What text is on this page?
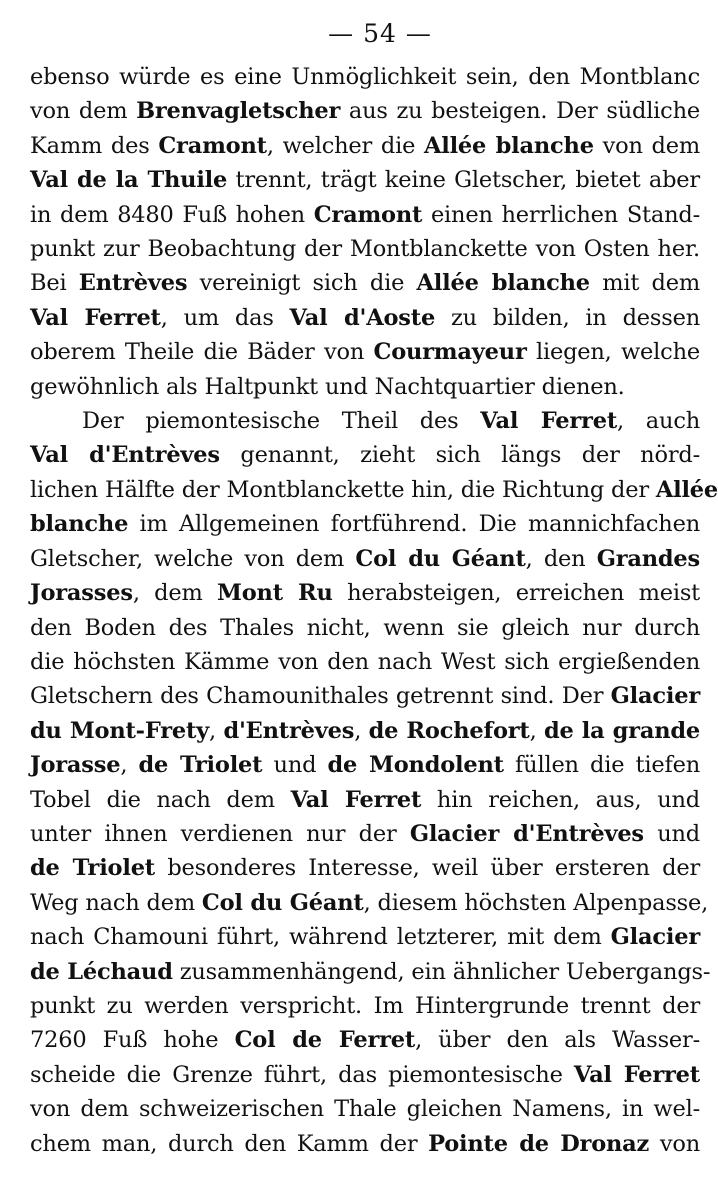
— 54 —
ebenso würde es eine Unmöglichkeit sein, den Montblanc
von dem Brenvagletscher aus zu besteigen. Der südliche
Kamm des Cramont, welcher die Allée blanche von dem
Val de la Thuile trennt, trägt keine Gletscher, bietet aber
in dem 8480 Fuß hohen Cramont einen herrlichen Stand-
punkt zur Beobachtung der Montblanckette von Osten her.
Bei Entrèves vereinigt sich die Allée blanche mit dem
Val Ferret, um das Val d'Aoste zu bilden, in dessen
oberem Theile die Bäder von Courmayeur liegen, welche
gewöhnlich als Haltpunkt und Nachtquartier dienen.
Der piemontesische Theil des Val Ferret, auch
Val d'Entrèves genannt, zieht sich längs der nörd-
lichen Hälfte der Montblanckette hin, die Richtung der Allée
blanche im Allgemeinen fortführend. Die mannichfachen
Gletscher, welche von dem Col du Géant, den Grandes
Jorasses, dem Mont Ru herabsteigen, erreichen meist
den Boden des Thales nicht, wenn sie gleich nur durch
die höchsten Kämme von den nach West sich ergießenden
Gletschern des Chamounithales getrennt sind. Der Glacier
du Mont-Frety, d'Entrèves, de Rochefort, de la grande
Jorasse, de Triolet und de Mondolent füllen die tiefen
Tobel die nach dem Val Ferret hin reichen, aus, und
unter ihnen verdienen nur der Glacier d'Entrèves und
de Triolet besonderes Interesse, weil über ersteren der
Weg nach dem Col du Géant, diesem höchsten Alpenpasse,
nach Chamouni führt, während letzterer, mit dem Glacier
de Léchaud zusammenhängend, ein ähnlicher Uebergangs-
punkt zu werden verspricht. Im Hintergrunde trennt der
7260 Fuß hohe Col de Ferret, über den als Wasser-
scheide die Grenze führt, das piemontesische Val Ferret
von dem schweizerischen Thale gleichen Namens, in wel-
chem man, durch den Kamm der Pointe de Dronaz von
